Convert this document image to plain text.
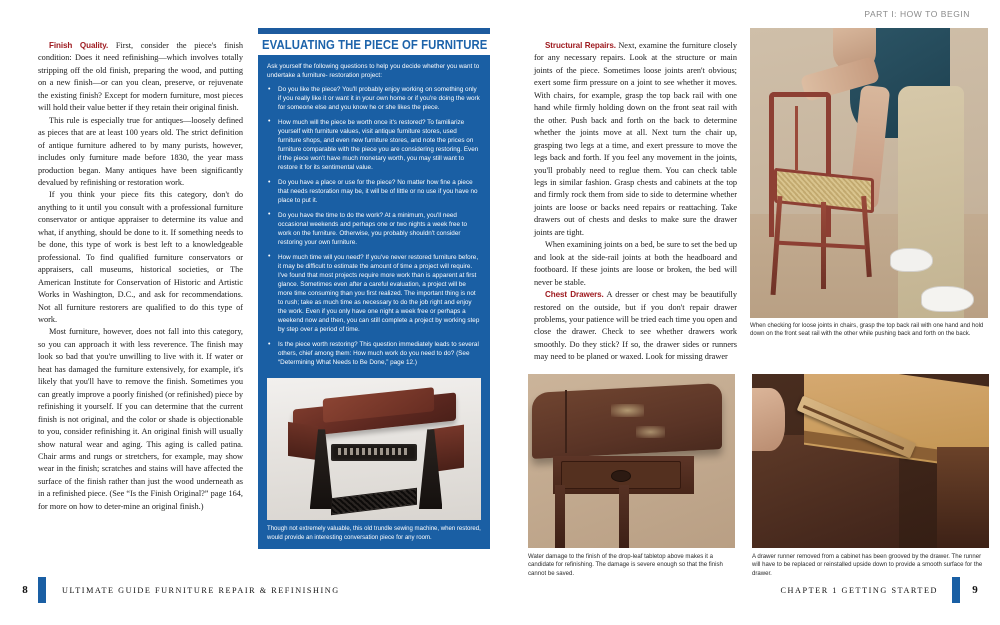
PART I: HOW TO BEGIN

Finish Quality. First, consider the piece's finish condition: Does it need refinishing—which involves totally stripping off the old finish, preparing the wood, and putting on a new finish—or can you clean, preserve, or rejuvenate the existing finish? Except for modern furniture, most pieces will hold their value better if they retain their original finish.

This rule is especially true for antiques—loosely defined as pieces that are at least 100 years old. The strict definition of antique furniture adhered to by many purists, however, includes only furniture made before 1830, the year mass production began. Many antiques have been significantly devalued by refinishing or restoration work.

If you think your piece fits this category, don't do anything to it until you consult with a professional furniture conservator or antique appraiser to determine its value and what, if anything, should be done to it. If something needs to be done, this type of work is best left to a knowledgeable professional. To find qualified furniture conservators or appraisers, call museums, historical societies, or The American Institute for Conservation of Historic and Artistic Works in Washington, D.C., and ask for recommendations. Not all furniture restorers are qualified to do this type of work.

Most furniture, however, does not fall into this category, so you can approach it with less reverence. The finish may look so bad that you're unwilling to live with it. If water or heat has damaged the furniture extensively, for example, it's likely that you'll have to remove the finish. Sometimes you can greatly improve a poorly finished (or refinished) piece by refinishing it yourself. If you can determine that the current finish is not original, and the color or shade is objectionable to you, consider refinishing it. An original finish will usually show natural wear and aging. This aging is called patina. Chair arms and rungs or stretchers, for example, may show wear in the finish; scratches and stains will have affected the surface of the finish rather than just the wood underneath as in a refinished piece. (See “Is the Finish Original?” page 164, for more on how to deter-mine an original finish.)

EVALUATING THE PIECE OF FURNITURE
Ask yourself the following questions to help you decide whether you want to undertake a furniture- restoration project:
• Do you like the piece? You'll probably enjoy working on something only if you really like it or want it in your own home or if you're doing the work for someone else and you know he or she likes the piece.
• How much will the piece be worth once it's restored? To familiarize yourself with furniture values, visit antique furniture stores, used furniture shops, and even new furniture stores, and note the prices on furniture comparable with the piece you are considering restoring. Even if the piece won't have much monetary worth, you may still want to restore it for its sentimental value.
• Do you have a place or use for the piece? No matter how fine a piece that needs restoration may be, it will be of little or no use if you have no place to put it.
• Do you have the time to do the work? At a minimum, you'll need occasional weekends and perhaps one or two nights a week free to work on the furniture. Otherwise, you probably shouldn't consider restoring your own furniture.
• How much time will you need? If you've never restored furniture before, it may be difficult to estimate the amount of time a project will require. I've found that most projects require more work than is apparent at first glance. Sometimes even after a careful evaluation, a project will be more time consuming than you first realized. The important thing is not to rush; take as much time as necessary to do the job right and enjoy the work. Even if you only have one night a week free or perhaps a weekend now and then, you can still complete a project by working step by step over a period of time.
• Is the piece worth restoring? This question immediately leads to several others, chief among them: How much work do you need to do? (See “Determining What Needs to Be Done,” page 12.)
Though not extremely valuable, this old trundle sewing machine, when restored, would provide an interesting conversation piece for any room.
8	ULTIMATE GUIDE FURNITURE REPAIR & REFINISHING

Structural Repairs. Next, examine the furniture closely for any necessary repairs. Look at the structure or main joints of the piece. Sometimes loose joints aren't obvious; exert some firm pressure on a joint to see whether it moves. With chairs, for example, grasp the top back rail with one hand while firmly holding down on the front seat rail with the other. Push back and forth on the back to determine whether the joints move at all. Next turn the chair up, grasping two legs at a time, and exert pressure to move the legs back and forth. If you feel any movement in the joints, you'll probably need to reglue them. You can check table legs in similar fashion. Grasp chests and cabinets at the top and firmly rock them from side to side to determine whether joints are loose or backs need repairs or reattaching. Take drawers out of chests and desks to make sure the drawer joints are tight.

When examining joints on a bed, be sure to set the bed up and look at the side-rail joints at both the headboard and footboard. If these joints are loose or broken, the bed will never be stable.

Chest Drawers. A dresser or chest may be beautifully restored on the outside, but if you don't repair drawer problems, your patience will be tried each time you open and close the drawer. Check to see whether drawers work smoothly. Do they stick? If so, the drawer sides or runners may need to be planed or waxed. Look for missing drawer

When checking for loose joints in chairs, grasp the top back rail with one hand and hold down on the front seat rail with the other while pushing back and forth on the back.
Water damage to the finish of the drop-leaf tabletop above makes it a candidate for refinishing. The damage is severe enough so that the finish cannot be saved.
A drawer runner removed from a cabinet has been grooved by the drawer. The runner will have to be replaced or reinstalled upside down to provide a smooth surface for the drawer.
CHAPTER 1 GETTING STARTED	9
